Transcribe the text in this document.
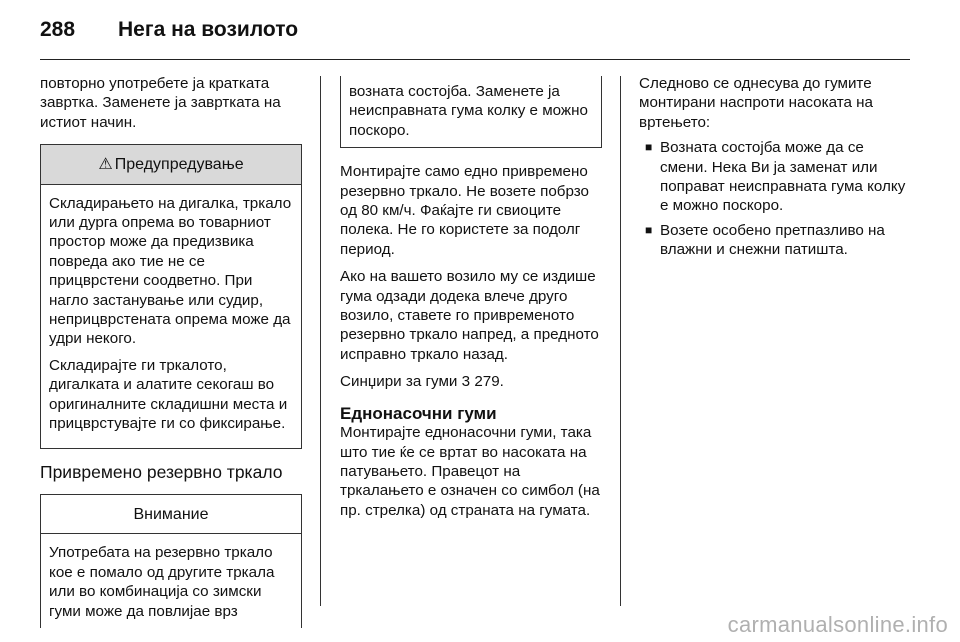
288 Нега на возилото

повторно употребете ја кратката завртка. Заменете ја завртката на истиот начин.

⚠ Предупредување

Складирањето на дигалка, тркало или дурга опрема во товарниот простор може да предизвика повреда ако тие не се прицврстени соодветно. При нагло застанување или судир, неприцврстената опрема може да удри некого.

Складирајте ги тркалото, дигалката и алатите секогаш во оригиналните складишни места и прицврстувајте ги со фиксирање.

Привремено резервно тркало
Внимание

Употребата на резервно тркало кое е помало од другите тркала или во комбинација со зимски гуми може да повлијае врз

возната состојба. Заменете ја неисправната гума колку е можно поскоро.

Монтирајте само едно привремено резервно тркало. Не возете побрзо од 80 км/ч. Фаќајте ги свиоците полека. Не го користете за подолг период.

Ако на вашето возило му се издише гума одзади додека влече друго возило, ставете го привременото резервно тркало напред, а предното исправно тркало назад.

Синџири за гуми 3 279.

Еднонасочни гуми

Монтирајте еднонасочни гуми, така што тие ќе се вртат во насоката на патувањето. Правецот на тркалањето е означен со симбол (на пр. стрелка) од страната на гумата.

Следново се однесува до гумите монтирани наспроти насоката на вртењето:

■ Возната состојба може да се смени. Нека Ви ја заменат или поправат неисправната гума колку е можно поскоро.
■ Возете особено претпазливо на влажни и снежни патишта.
carmanualsonline.info
